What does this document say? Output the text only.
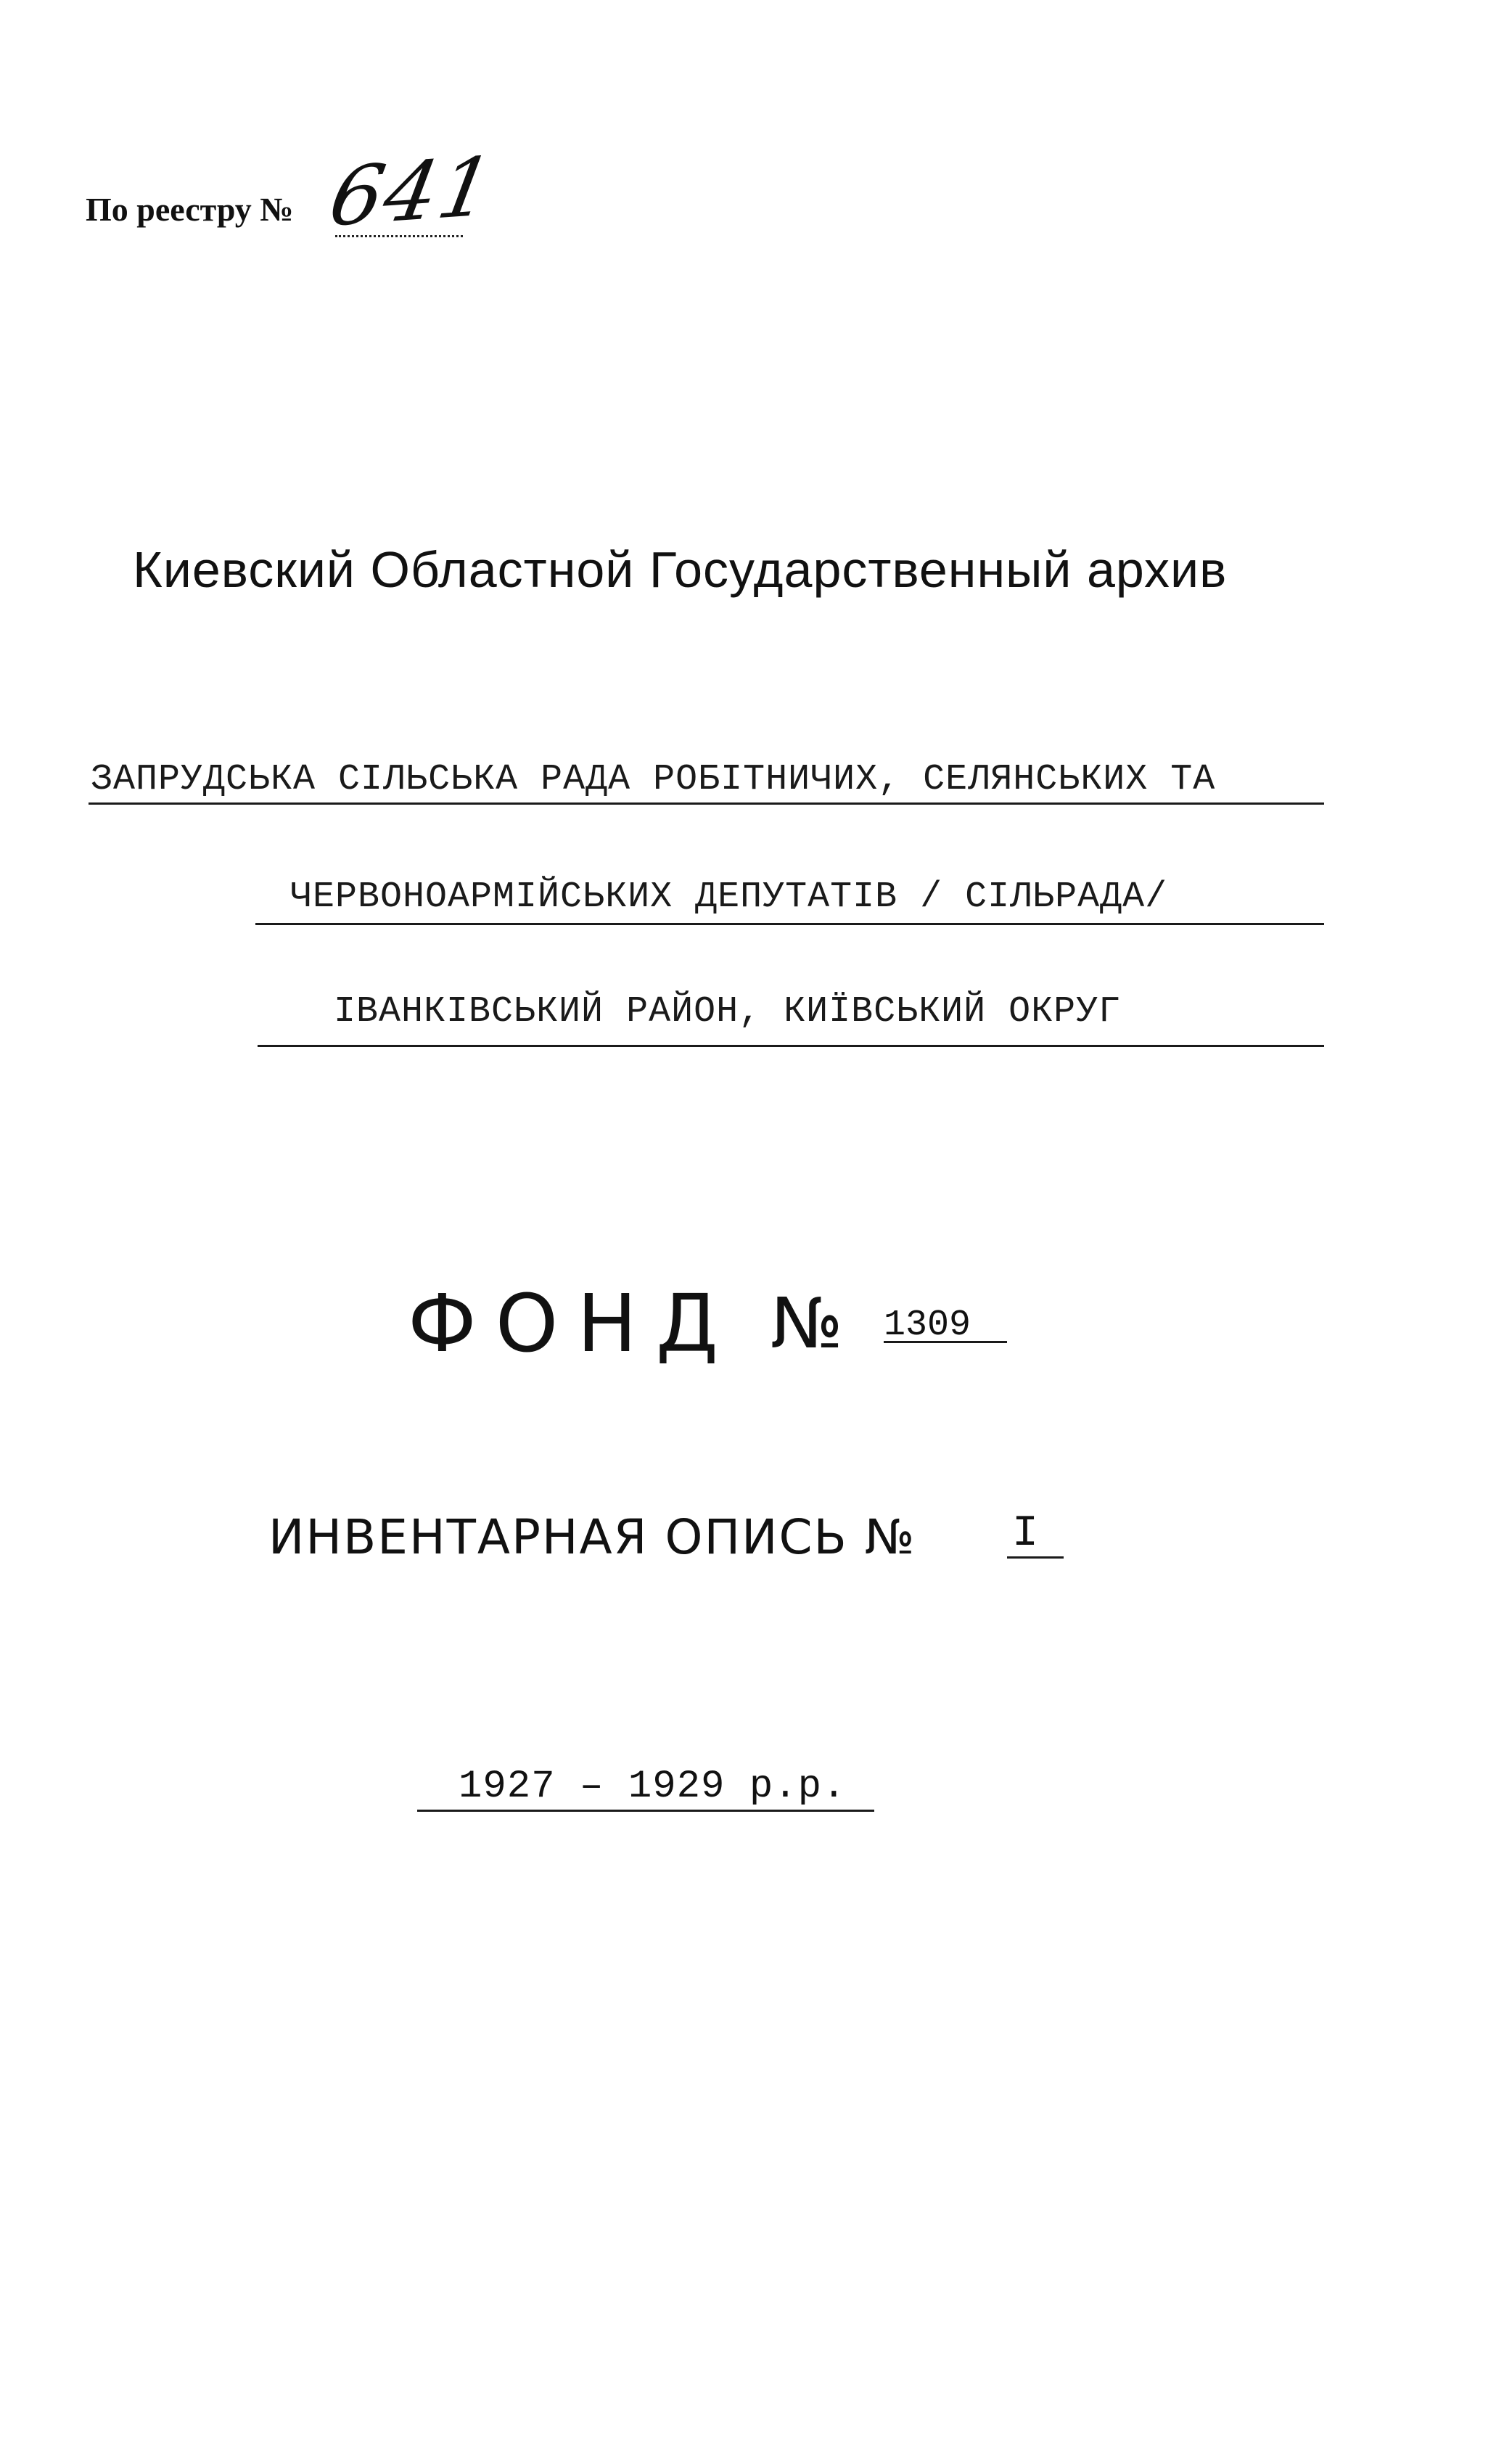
По реестру № 641
Киевский Областной Государственный архив
ЗАПРУДСЬКА СІЛЬСЬКА РАДА РОБІТНИЧИХ, СЕЛЯНСЬКИХ ТА
ЧЕРВОНОАРМІЙСЬКИХ ДЕПУТАТІВ / СІЛЬРАДА/
ІВАНКІВСЬКИЙ РАЙОН, КИЇВСЬКИЙ ОКРУГ
ФОНД № 1309
ИНВЕНТАРНАЯ ОПИСЬ № I
1927 – 1929 р.р.
